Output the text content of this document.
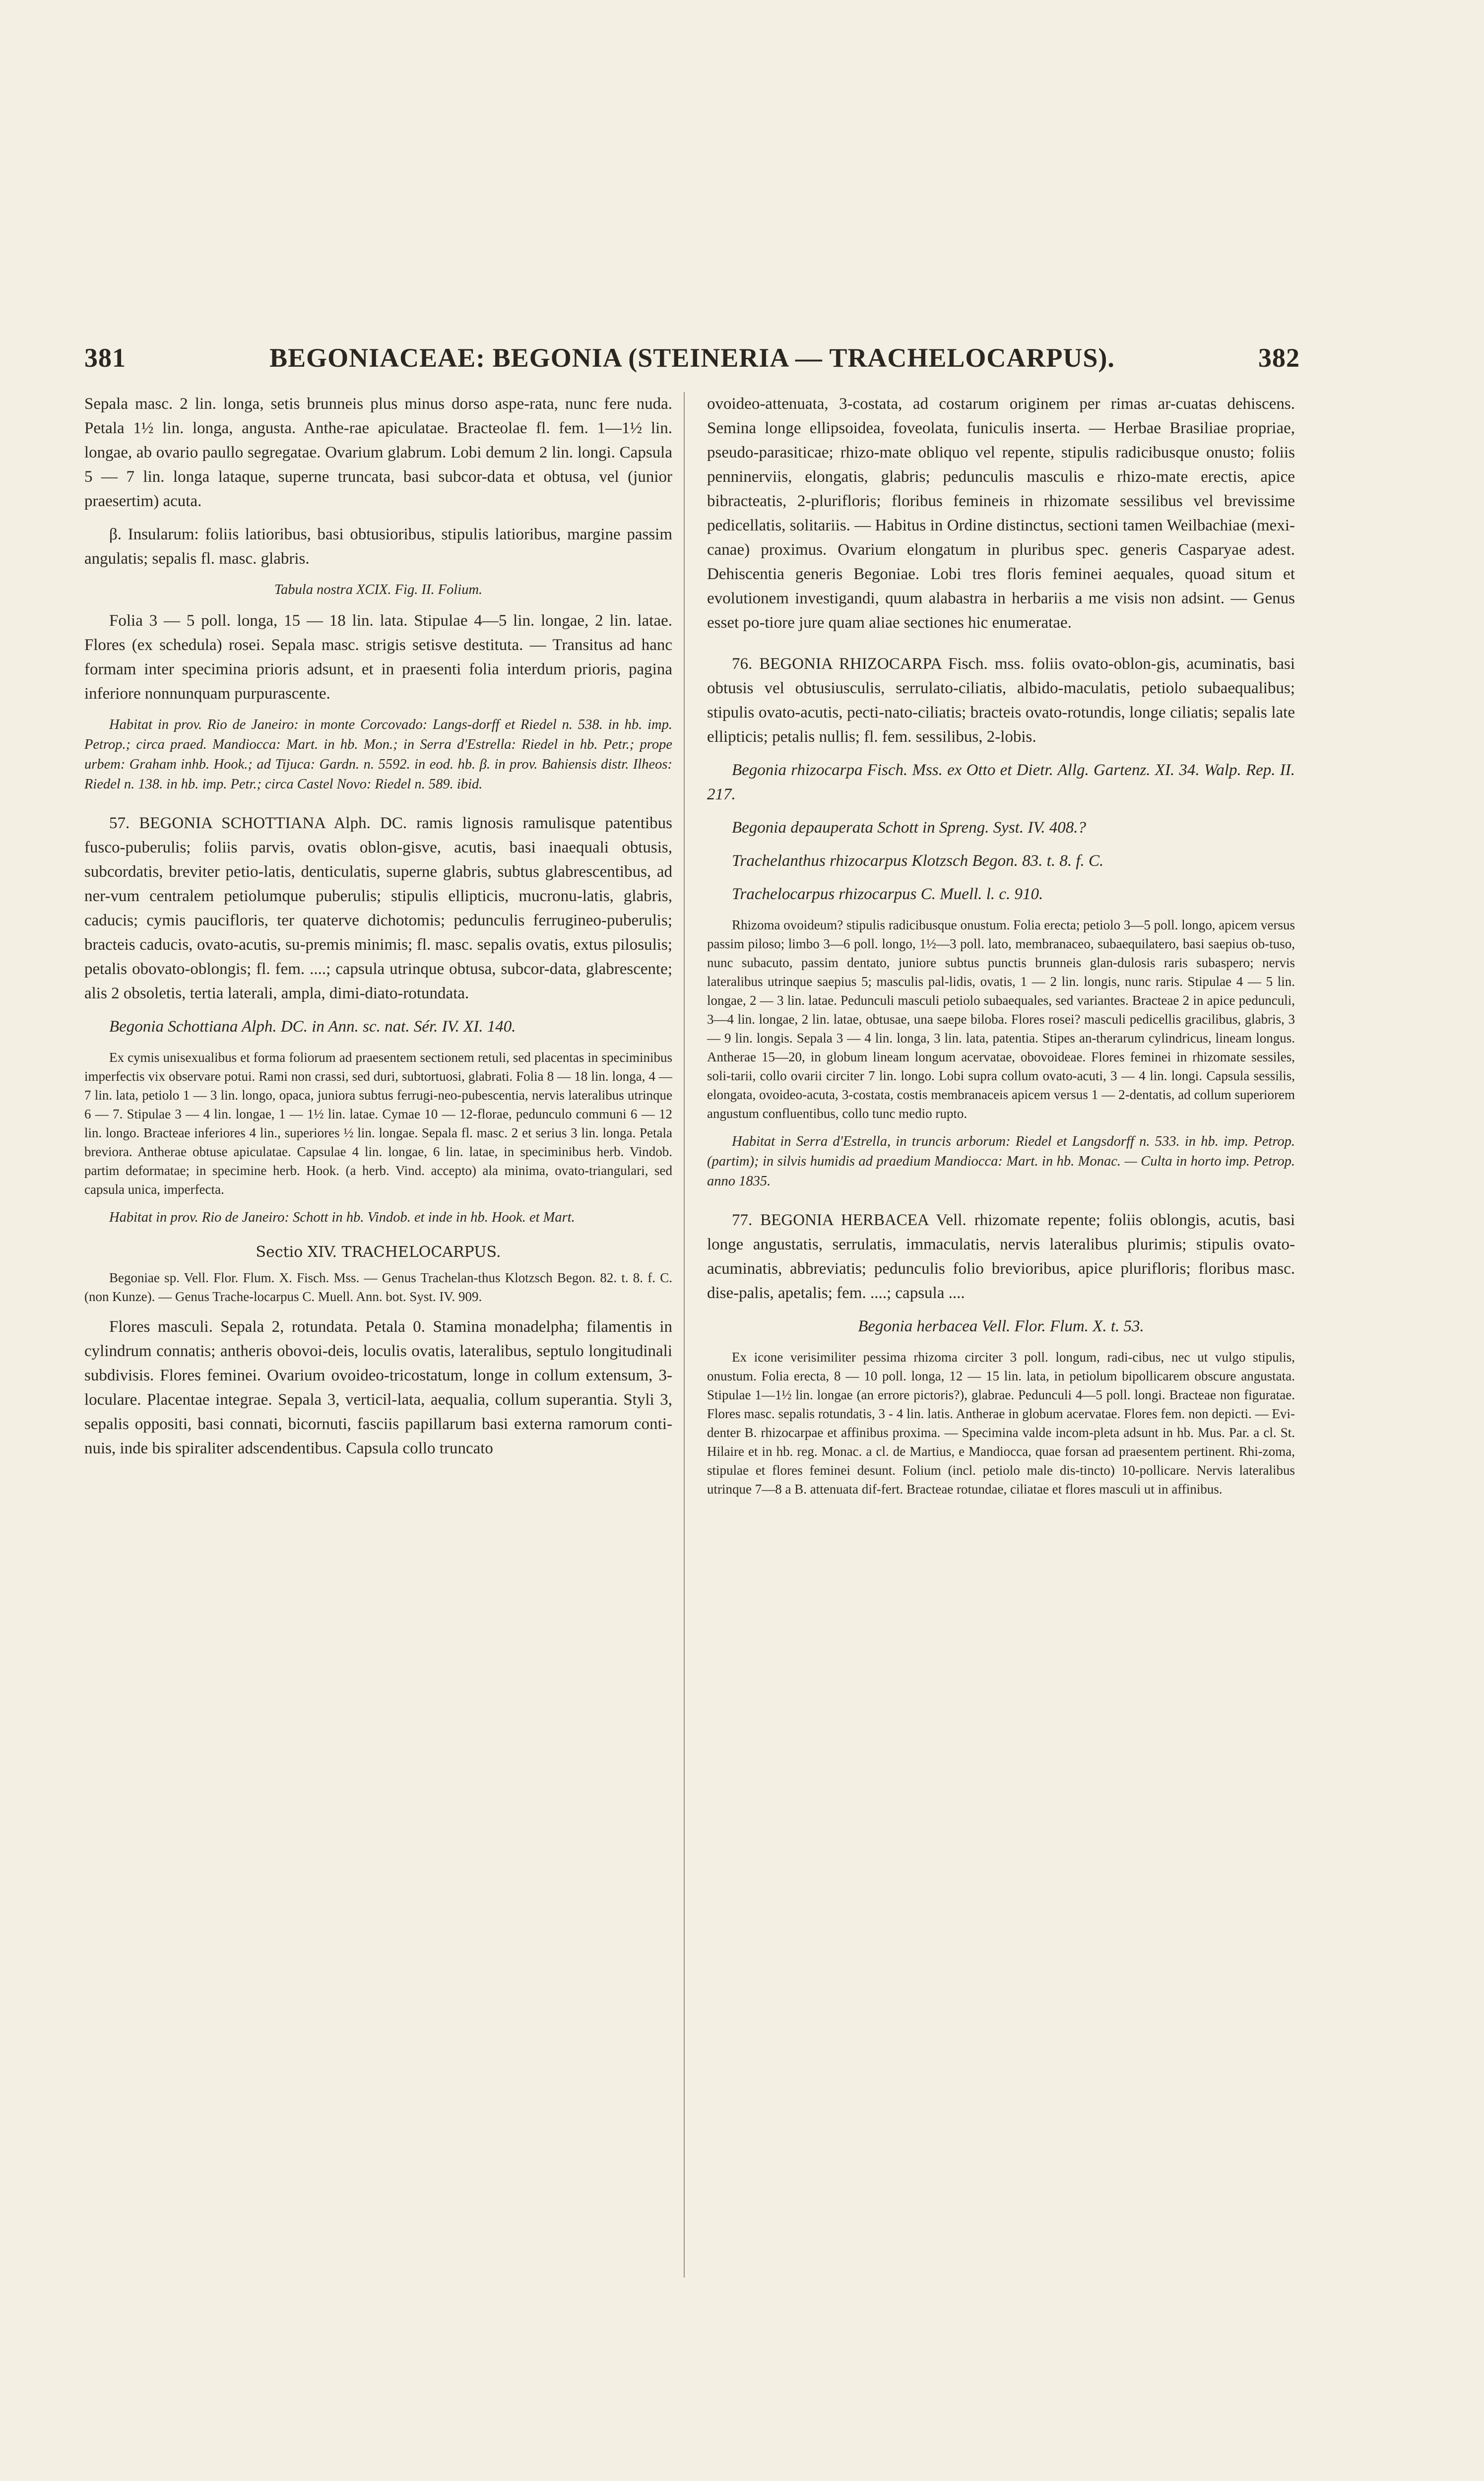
381	BEGONIACEAE: BEGONIA (STEINERIA — TRACHELOCARPUS).	382

Sepala masc. 2 lin. longa, setis brunneis plus minus dorso aspe-rata, nunc fere nuda. Petala 1½ lin. longa, angusta. Anthe-rae apiculatae. Bracteolae fl. fem. 1—1½ lin. longae, ab ovario paullo segregatae. Ovarium glabrum. Lobi demum 2 lin. longi. Capsula 5 — 7 lin. longa lataque, superne truncata, basi subcor-data et obtusa, vel (junior praesertim) acuta.

β. Insularum: foliis latioribus, basi obtusioribus, stipulis latioribus, margine passim angulatis; sepalis fl. masc. glabris.

Tabula nostra XCIX. Fig. II. Folium.

Folia 3 — 5 poll. longa, 15 — 18 lin. lata. Stipulae 4—5 lin. longae, 2 lin. latae. Flores (ex schedula) rosei. Sepala masc. strigis setisve destituta. — Transitus ad hanc formam inter specimina prioris adsunt, et in praesenti folia interdum prioris, pagina inferiore nonnunquam purpurascente.

Habitat in prov. Rio de Janeiro: in monte Corcovado: Langs-dorff et Riedel n. 538. in hb. imp. Petrop.; circa praed. Mandiocca: Mart. in hb. Mon.; in Serra d'Estrella: Riedel in hb. Petr.; prope urbem: Graham inhb. Hook.; ad Tijuca: Gardn. n. 5592. in eod. hb. β. in prov. Bahiensis distr. Ilheos: Riedel n. 138. in hb. imp. Petr.; circa Castel Novo: Riedel n. 589. ibid.

57. BEGONIA SCHOTTIANA Alph. DC. ramis lignosis ramulisque patentibus fusco-puberulis; foliis parvis, ovatis oblon-gisve, acutis, basi inaequali obtusis, subcordatis, breviter petio-latis, denticulatis, superne glabris, subtus glabrescentibus, ad ner-vum centralem petiolumque puberulis; stipulis ellipticis, mucronu-latis, glabris, caducis; cymis paucifloris, ter quaterve dichotomis; pedunculis ferrugineo-puberulis; bracteis caducis, ovato-acutis, su-premis minimis; fl. masc. sepalis ovatis, extus pilosulis; petalis obovato-oblongis; fl. fem. ....; capsula utrinque obtusa, subcor-data, glabrescente; alis 2 obsoletis, tertia laterali, ampla, dimi-diato-rotundata.

Begonia Schottiana Alph. DC. in Ann. sc. nat. Sér. IV. XI. 140.

Ex cymis unisexualibus et forma foliorum ad praesentem sectionem retuli, sed placentas in speciminibus imperfectis vix observare potui. Rami non crassi, sed duri, subtortuosi, glabrati. Folia 8 — 18 lin. longa, 4 — 7 lin. lata, petiolo 1 — 3 lin. longo, opaca, juniora subtus ferrugi-neo-pubescentia, nervis lateralibus utrinque 6 — 7. Stipulae 3 — 4 lin. longae, 1 — 1½ lin. latae. Cymae 10 — 12-florae, pedunculo communi 6 — 12 lin. longo. Bracteae inferiores 4 lin., superiores ½ lin. longae. Sepala fl. masc. 2 et serius 3 lin. longa. Petala breviora. Antherae obtuse apiculatae. Capsulae 4 lin. longae, 6 lin. latae, in speciminibus herb. Vindob. partim deformatae; in specimine herb. Hook. (a herb. Vind. accepto) ala minima, ovato-triangulari, sed capsula unica, imperfecta.

Habitat in prov. Rio de Janeiro: Schott in hb. Vindob. et inde in hb. Hook. et Mart.

Sectio XIV. TRACHELOCARPUS.

Begoniae sp. Vell. Flor. Flum. X. Fisch. Mss. — Genus Trachelan-thus Klotzsch Begon. 82. t. 8. f. C. (non Kunze). — Genus Trache-locarpus C. Muell. Ann. bot. Syst. IV. 909.

Flores masculi. Sepala 2, rotundata. Petala 0. Stamina monadelpha; filamentis in cylindrum connatis; antheris obovoi-deis, loculis ovatis, lateralibus, septulo longitudinali subdivisis. Flores feminei. Ovarium ovoideo-tricostatum, longe in collum extensum, 3-loculare. Placentae integrae. Sepala 3, verticil-lata, aequalia, collum superantia. Styli 3, sepalis oppositi, basi connati, bicornuti, fasciis papillarum basi externa ramorum conti-nuis, inde bis spiraliter adscendentibus. Capsula collo truncato

ovoideo-attenuata, 3-costata, ad costarum originem per rimas ar-cuatas dehiscens. Semina longe ellipsoidea, foveolata, funiculis inserta. — Herbae Brasiliae propriae, pseudo-parasiticae; rhizo-mate obliquo vel repente, stipulis radicibusque onusto; foliis penninerviis, elongatis, glabris; pedunculis masculis e rhizo-mate erectis, apice bibracteatis, 2-plurifloris; floribus femineis in rhizomate sessilibus vel brevissime pedicellatis, solitariis. — Habitus in Ordine distinctus, sectioni tamen Weilbachiae (mexi-canae) proximus. Ovarium elongatum in pluribus spec. generis Casparyae adest. Dehiscentia generis Begoniae. Lobi tres floris feminei aequales, quoad situm et evolutionem investigandi, quum alabastra in herbariis a me visis non adsint. — Genus esset po-tiore jure quam aliae sectiones hic enumeratae.

76. BEGONIA RHIZOCARPA Fisch. mss. foliis ovato-oblon-gis, acuminatis, basi obtusis vel obtusiusculis, serrulato-ciliatis, albido-maculatis, petiolo subaequalibus; stipulis ovato-acutis, pecti-nato-ciliatis; bracteis ovato-rotundis, longe ciliatis; sepalis late ellipticis; petalis nullis; fl. fem. sessilibus, 2-lobis.

Begonia rhizocarpa Fisch. Mss. ex Otto et Dietr. Allg. Gartenz. XI. 34. Walp. Rep. II. 217.

Begonia depauperata Schott in Spreng. Syst. IV. 408.?

Trachelanthus rhizocarpus Klotzsch Begon. 83. t. 8. f. C.

Trachelocarpus rhizocarpus C. Muell. l. c. 910.

Rhizoma ovoideum? stipulis radicibusque onustum. Folia erecta; petiolo 3—5 poll. longo, apicem versus passim piloso; limbo 3—6 poll. longo, 1½—3 poll. lato, membranaceo, subaequilatero, basi saepius ob-tuso, nunc subacuto, passim dentato, juniore subtus punctis brunneis glan-dulosis raris subaspero; nervis lateralibus utrinque saepius 5; masculis pal-lidis, ovatis, 1 — 2 lin. longis, nunc raris. Stipulae 4 — 5 lin. longae, 2 — 3 lin. latae. Pedunculi masculi petiolo subaequales, sed variantes. Bracteae 2 in apice pedunculi, 3—4 lin. longae, 2 lin. latae, obtusae, una saepe biloba. Flores rosei? masculi pedicellis gracilibus, glabris, 3 — 9 lin. longis. Sepala 3 — 4 lin. longa, 3 lin. lata, patentia. Stipes an-therarum cylindricus, lineam longus. Antherae 15—20, in globum lineam longum acervatae, obovoideae. Flores feminei in rhizomate sessiles, soli-tarii, collo ovarii circiter 7 lin. longo. Lobi supra collum ovato-acuti, 3 — 4 lin. longi. Capsula sessilis, elongata, ovoideo-acuta, 3-costata, costis membranaceis apicem versus 1 — 2-dentatis, ad collum superiorem angustum confluentibus, collo tunc medio rupto.

Habitat in Serra d'Estrella, in truncis arborum: Riedel et Langsdorff n. 533. in hb. imp. Petrop. (partim); in silvis humidis ad praedium Mandiocca: Mart. in hb. Monac. — Culta in horto imp. Petrop. anno 1835.

77. BEGONIA HERBACEA Vell. rhizomate repente; foliis oblongis, acutis, basi longe angustatis, serrulatis, immaculatis, nervis lateralibus plurimis; stipulis ovato-acuminatis, abbreviatis; pedunculis folio brevioribus, apice plurifloris; floribus masc. dise-palis, apetalis; fem. ....; capsula ....

Begonia herbacea Vell. Flor. Flum. X. t. 53.

Ex icone verisimiliter pessima rhizoma circiter 3 poll. longum, radi-cibus, nec ut vulgo stipulis, onustum. Folia erecta, 8 — 10 poll. longa, 12 — 15 lin. lata, in petiolum bipollicarem obscure angustata. Stipulae 1—1½ lin. longae (an errore pictoris?), glabrae. Pedunculi 4—5 poll. longi. Bracteae non figuratae. Flores masc. sepalis rotundatis, 3 - 4 lin. latis. Antherae in globum acervatae. Flores fem. non depicti. — Evi-denter B. rhizocarpae et affinibus proxima. — Specimina valde incom-pleta adsunt in hb. Mus. Par. a cl. St. Hilaire et in hb. reg. Monac. a cl. de Martius, e Mandiocca, quae forsan ad praesentem pertinent. Rhi-zoma, stipulae et flores feminei desunt. Folium (incl. petiolo male dis-tincto) 10-pollicare. Nervis lateralibus utrinque 7—8 a B. attenuata dif-fert. Bracteae rotundae, ciliatae et flores masculi ut in affinibus.
